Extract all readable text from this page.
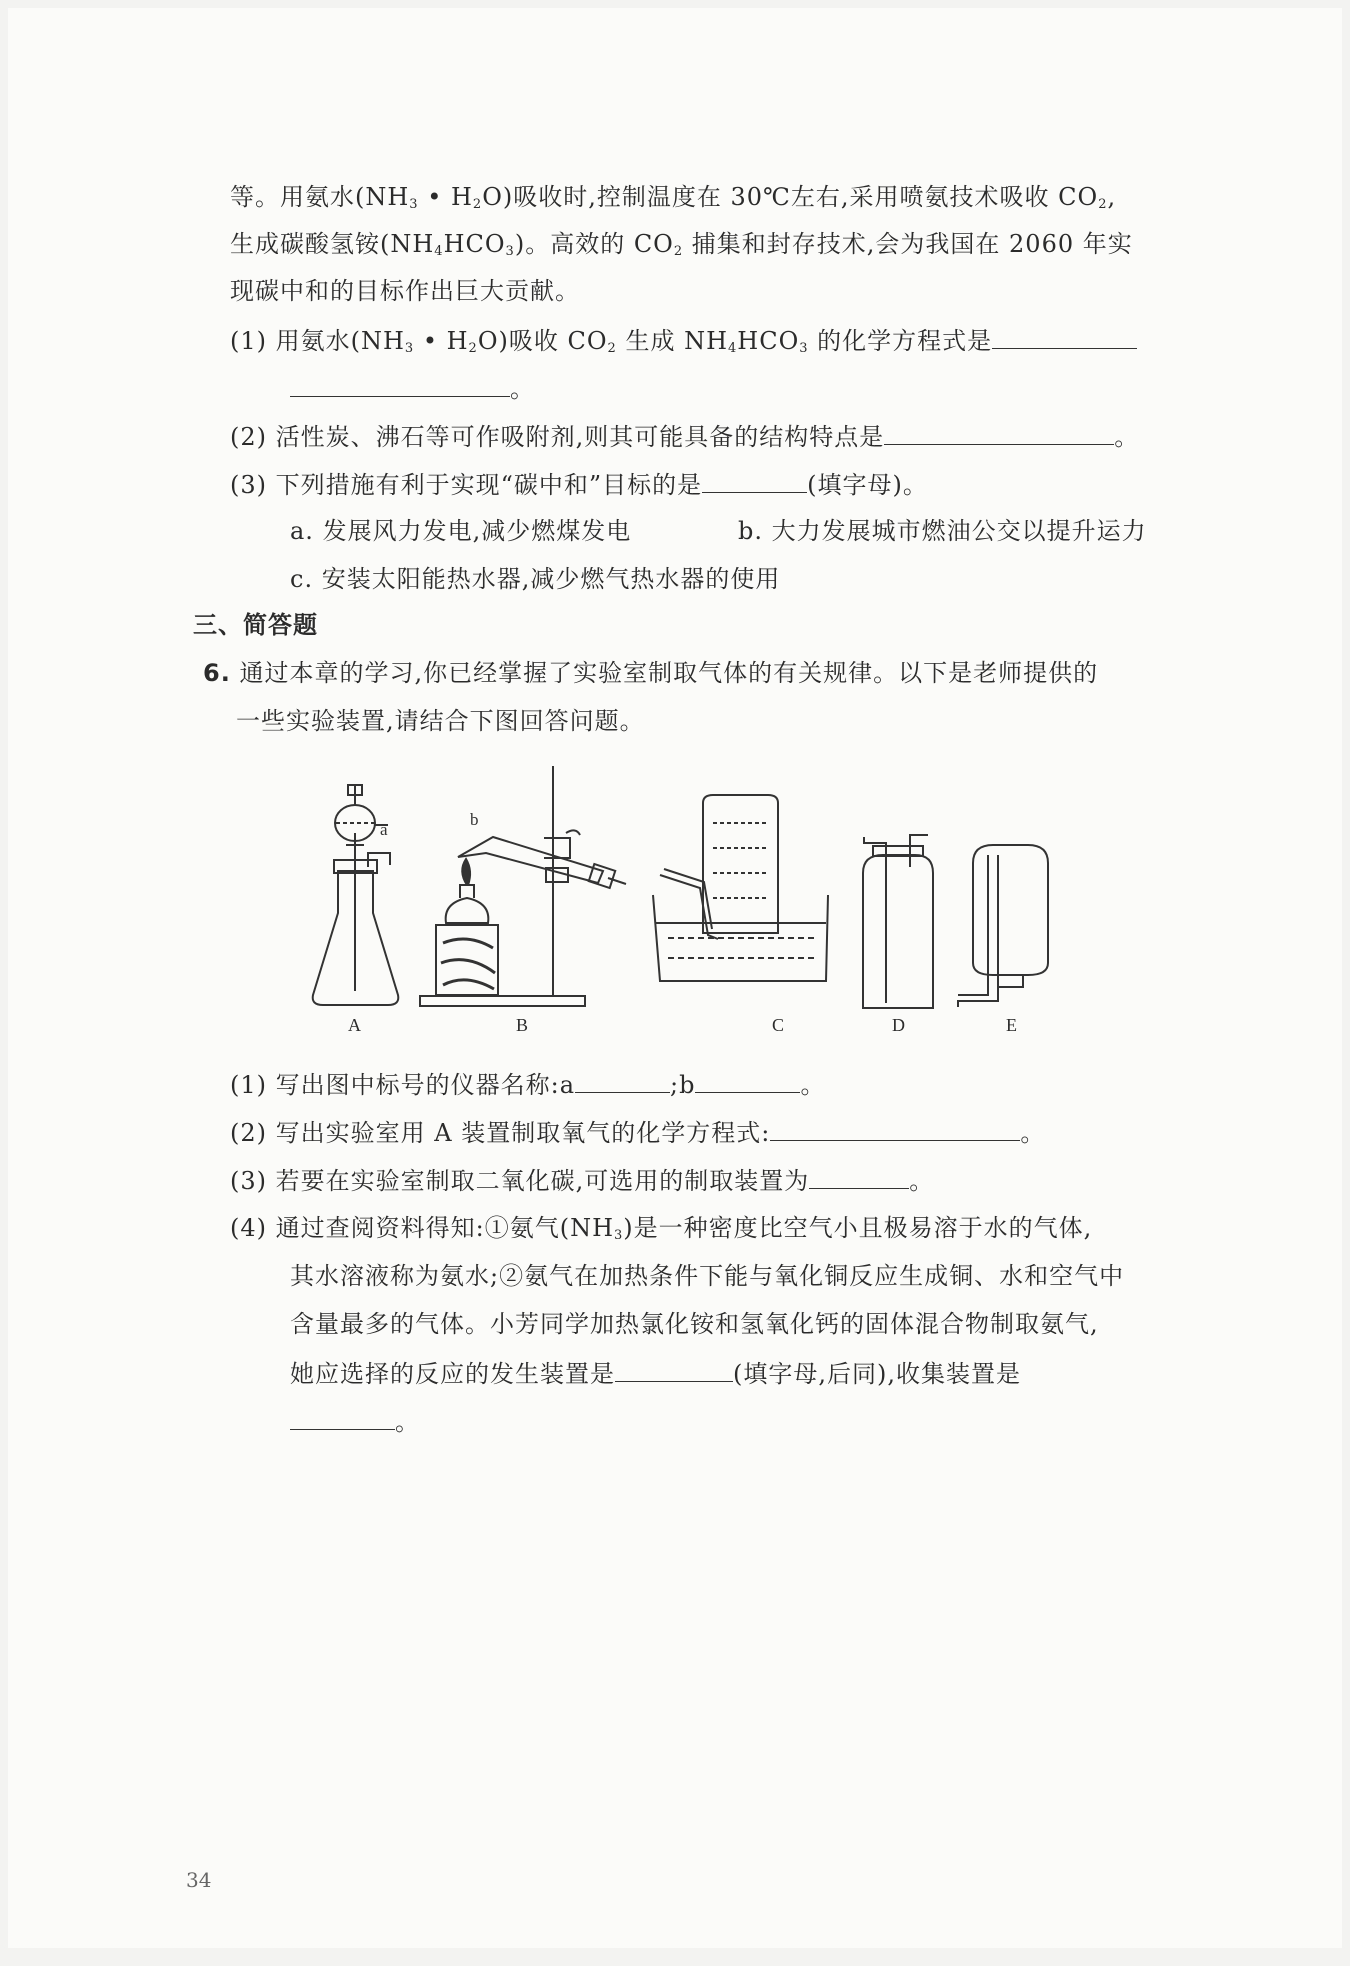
等。用氨水($NH_3$ • $H_2O$)吸收时,控制温度在 30℃左右,采用喷氨技术吸收 $CO_2$,
生成碳酸氢铵$(NH_4HCO_3)$。高效的 $CO_2$ 捕集和封存技术,会为我国在 2060 年实
现碳中和的目标作出巨大贡献。
(1) 用氨水($NH_3$ • $H_2O$)吸收 $CO_2$ 生成 $NH_4HCO_3$ 的化学方程式是
。
(2) 活性炭、沸石等可作吸附剂,则其可能具备的结构特点是	。
(3) 下列措施有利于实现“碳中和”目标的是	(填字母)。
a. 发展风力发电,减少燃煤发电	b. 大力发展城市燃油公交以提升运力
c. 安装太阳能热水器,减少燃气热水器的使用
三、简答题
6. 通过本章的学习,你已经掌握了实验室制取气体的有关规律。以下是老师提供的
一些实验装置,请结合下图回答问题。
a
b
A	B	C	D	E
(1) 写出图中标号的仪器名称:a	;b	。
(2) 写出实验室用 A 装置制取氧气的化学方程式:	。
(3) 若要在实验室制取二氧化碳,可选用的制取装置为	。
(4) 通过查阅资料得知:①氨气$(NH_3)$是一种密度比空气小且极易溶于水的气体,
其水溶液称为氨水;②氨气在加热条件下能与氧化铜反应生成铜、水和空气中
含量最多的气体。小芳同学加热氯化铵和氢氧化钙的固体混合物制取氨气,
她应选择的反应的发生装置是	(填字母,后同),收集装置是
。
34
